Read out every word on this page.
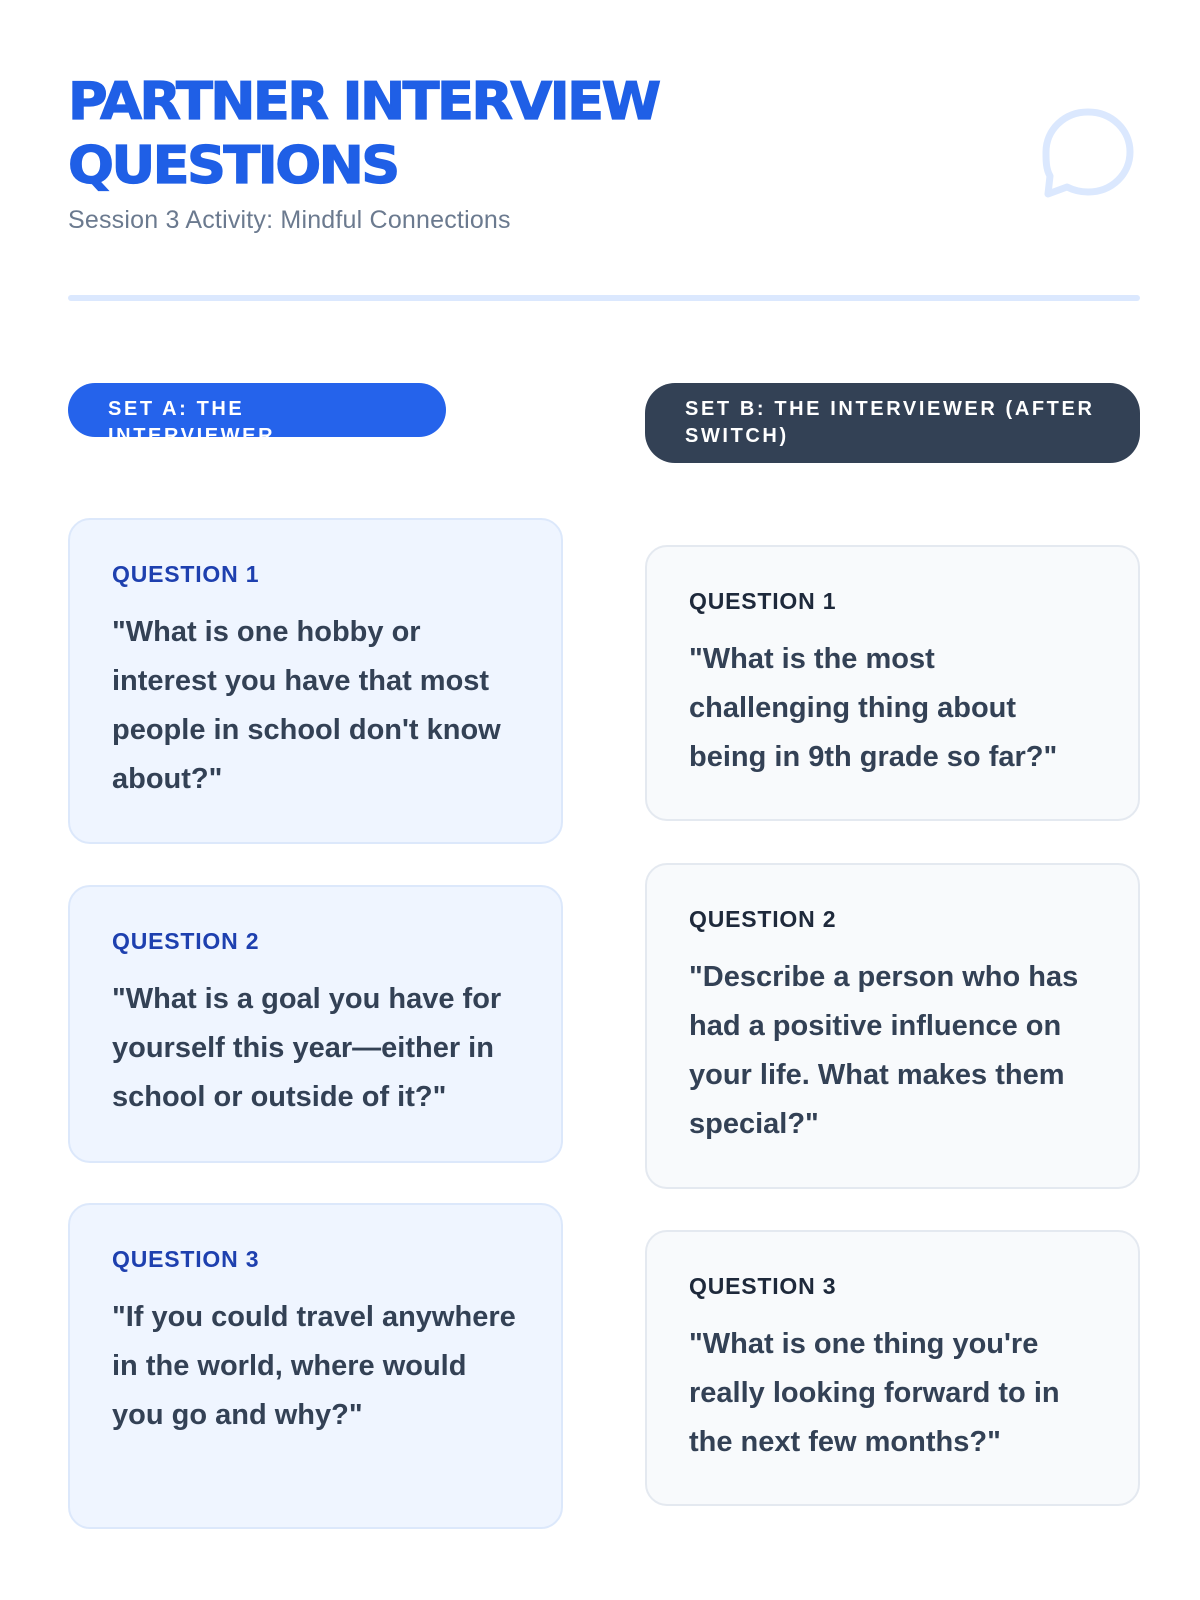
PARTNER INTERVIEW
QUESTIONS
Session 3 Activity: Mindful Connections
SET A: THE INTERVIEWER
SET B: THE INTERVIEWER (AFTER SWITCH)
QUESTION 1
"What is one hobby or interest you have that most people in school don't know about?"
QUESTION 2
"What is a goal you have for yourself this year—either in school or outside of it?"
QUESTION 3
"If you could travel anywhere in the world, where would you go and why?"
QUESTION 1
"What is the most challenging thing about being in 9th grade so far?"
QUESTION 2
"Describe a person who has had a positive influence on your life. What makes them special?"
QUESTION 3
"What is one thing you're really looking forward to in the next few months?"
